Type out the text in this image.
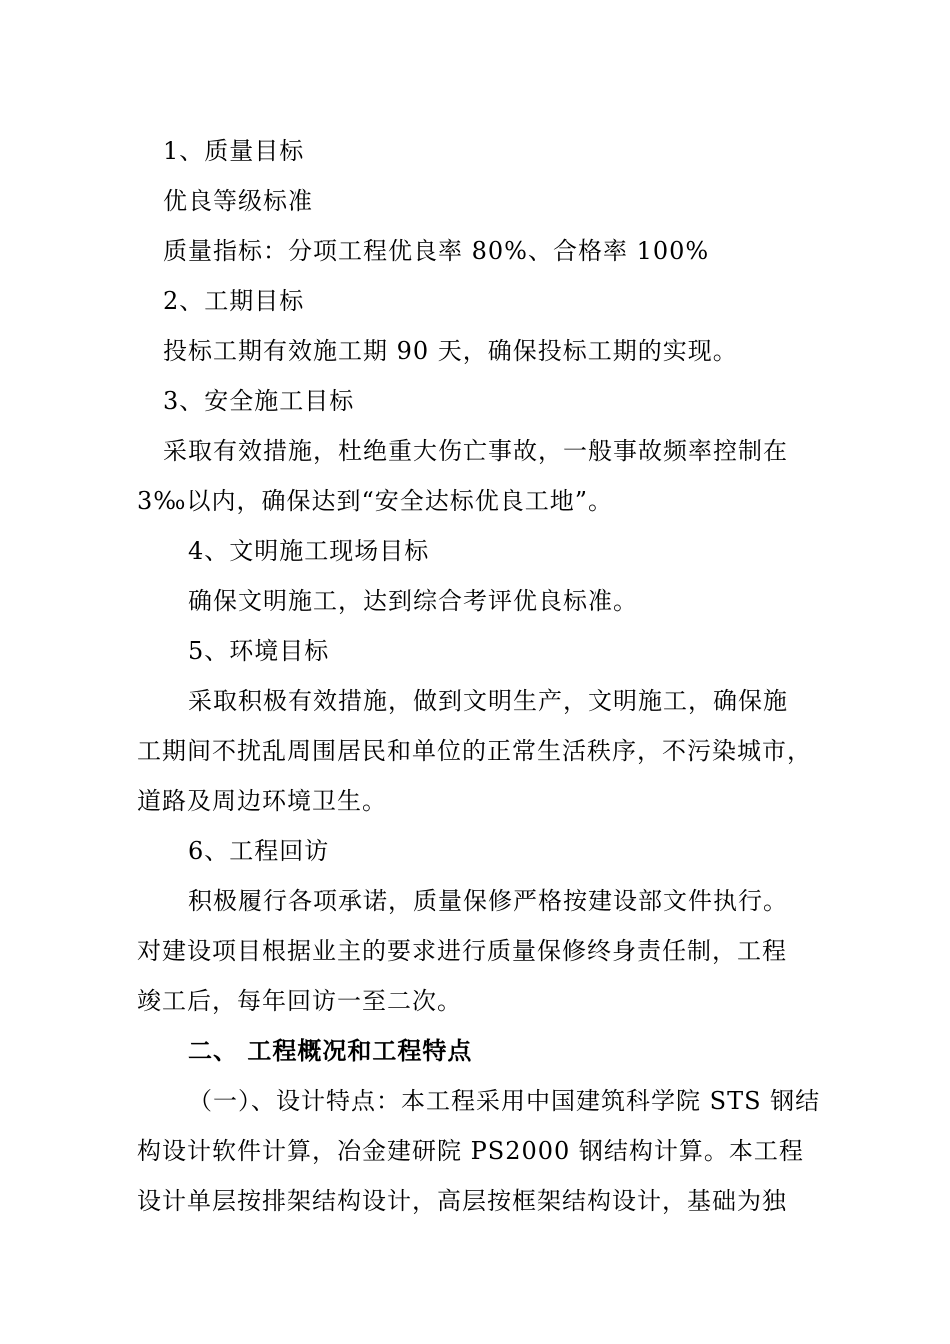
1、质量目标
优良等级标准
质量指标：分项工程优良率 80%、合格率 100%
2、工期目标
投标工期有效施工期 90 天，确保投标工期的实现。
3、安全施工目标
采取有效措施，杜绝重大伤亡事故，一般事故频率控制在
3‰以内，确保达到“安全达标优良工地”。
4、文明施工现场目标
确保文明施工，达到综合考评优良标准。
5、环境目标
采取积极有效措施，做到文明生产，文明施工，确保施
工期间不扰乱周围居民和单位的正常生活秩序，不污染城市，
道路及周边环境卫生。
6、工程回访
积极履行各项承诺，质量保修严格按建设部文件执行。
对建设项目根据业主的要求进行质量保修终身责任制，工程
竣工后，每年回访一至二次。
二、 工程概况和工程特点
（一）、设计特点：本工程采用中国建筑科学院 STS 钢结
构设计软件计算，冶金建研院 PS2000 钢结构计算。本工程
设计单层按排架结构设计，高层按框架结构设计，基础为独
